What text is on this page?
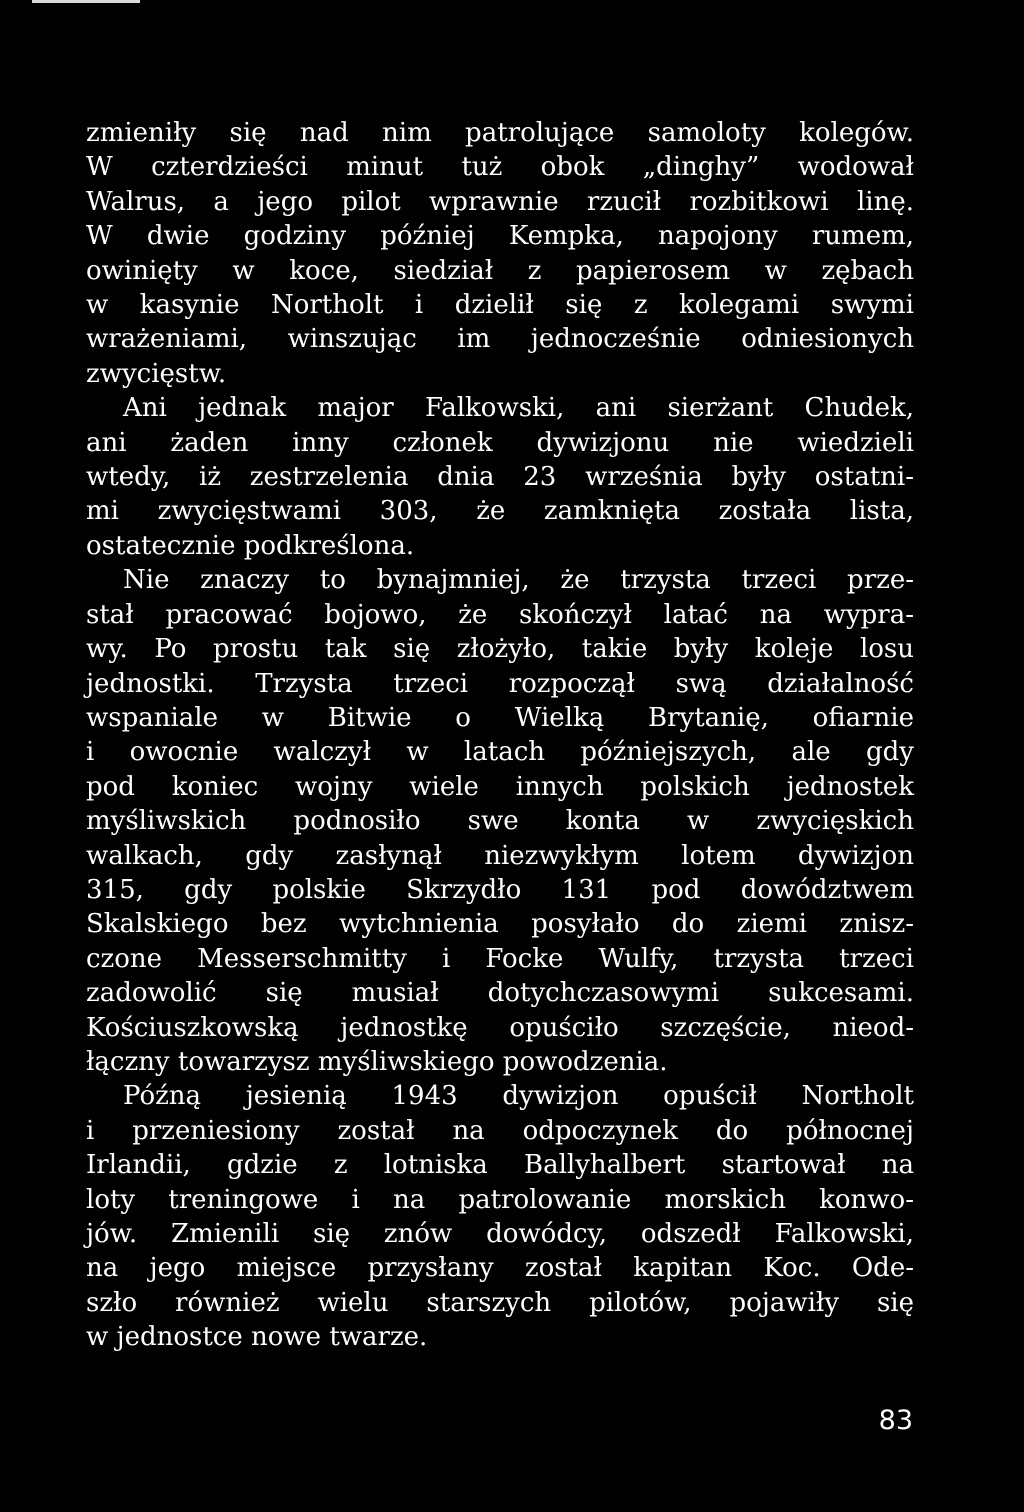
zmieniły się nad nim patrolujące samoloty kolegów.
W czterdzieści minut tuż obok „dinghy” wodował
Walrus, a jego pilot wprawnie rzucił rozbitkowi linę.
W dwie godziny później Kempka, napojony rumem,
owinięty w koce, siedział z papierosem w zębach
w kasynie Northolt i dzielił się z kolegami swymi
wrażeniami, winszując im jednocześnie odniesionych
zwycięstw.
Ani jednak major Falkowski, ani sierżant Chudek,
ani żaden inny członek dywizjonu nie wiedzieli
wtedy, iż zestrzelenia dnia 23 września były ostatni-
mi zwycięstwami 303, że zamknięta została lista,
ostatecznie podkreślona.
Nie znaczy to bynajmniej, że trzysta trzeci prze-
stał pracować bojowo, że skończył latać na wypra-
wy. Po prostu tak się złożyło, takie były koleje losu
jednostki. Trzysta trzeci rozpoczął swą działalność
wspaniale w Bitwie o Wielką Brytanię, ofiarnie
i owocnie walczył w latach późniejszych, ale gdy
pod koniec wojny wiele innych polskich jednostek
myśliwskich podnosiło swe konta w zwycięskich
walkach, gdy zasłynął niezwykłym lotem dywizjon
315, gdy polskie Skrzydło 131 pod dowództwem
Skalskiego bez wytchnienia posyłało do ziemi znisz-
czone Messerschmitty i Focke Wulfy, trzysta trzeci
zadowolić się musiał dotychczasowymi sukcesami.
Kościuszkowską jednostkę opuściło szczęście, nieod-
łączny towarzysz myśliwskiego powodzenia.
Późną jesienią 1943 dywizjon opuścił Northolt
i przeniesiony został na odpoczynek do północnej
Irlandii, gdzie z lotniska Ballyhalbert startował na
loty treningowe i na patrolowanie morskich konwo-
jów. Zmienili się znów dowódcy, odszedł Falkowski,
na jego miejsce przysłany został kapitan Koc. Ode-
szło również wielu starszych pilotów, pojawiły się
w jednostce nowe twarze.
83
